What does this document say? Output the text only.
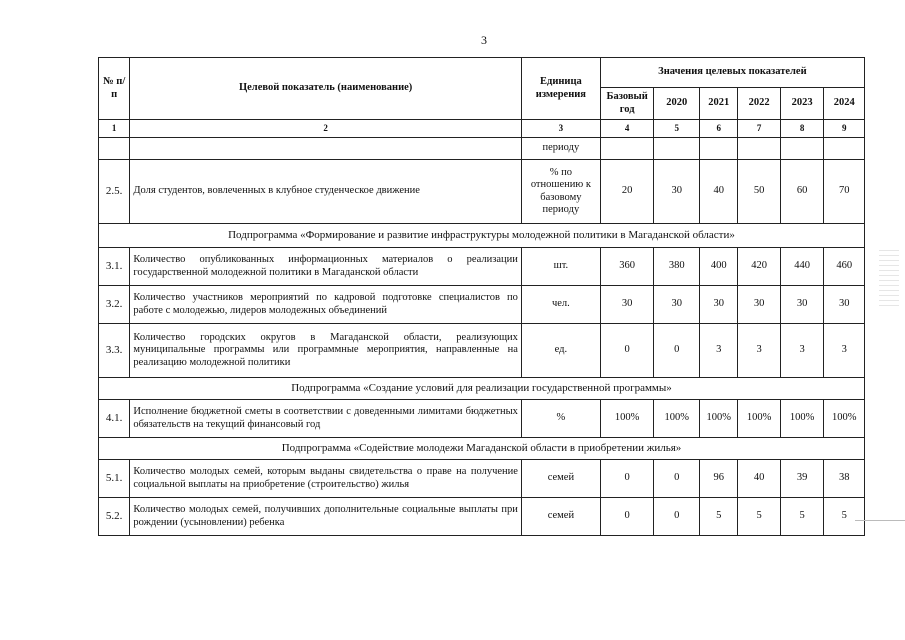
3
№ п/п	Целевой показатель (наименование)	Единица измерения	Значения целевых показателей					
			Базовый год	2020	2021	2022	2023	2024
1	2	3	4	5	6	7	8	9
		периоду						
2.5.	Доля студентов, вовлеченных в клубное студенческое движение	% по отношению к базовому периоду	20	30	40	50	60	70
Подпрограмма «Формирование и развитие инфраструктуры молодежной политики в Магаданской области»								
3.1.	Количество опубликованных информационных материалов о реализации государственной молодежной политики в Магаданской области	шт.	360	380	400	420	440	460
3.2.	Количество участников мероприятий по кадровой подготовке специалистов по работе с молодежью, лидеров молодежных объединений	чел.	30	30	30	30	30	30
3.3.	Количество городских округов в Магаданской области, реализующих муниципальные программы или программные мероприятия, направленные на реализацию молодежной политики	ед.	0	0	3	3	3	3
Подпрограмма «Создание условий для реализации государственной программы»								
4.1.	Исполнение бюджетной сметы в соответствии с доведенными лимитами бюджетных обязательств на текущий финансовый год	%	100%	100%	100%	100%	100%	100%
Подпрограмма «Содействие молодежи Магаданской области в приобретении жилья»								
5.1.	Количество молодых семей, которым выданы свидетельства о праве на получение социальной выплаты на приобретение (строительство) жилья	семей	0	0	96	40	39	38
5.2.	Количество молодых семей, получивших дополнительные социальные выплаты при рождении (усыновлении) ребенка	семей	0	0	5	5	5	5
